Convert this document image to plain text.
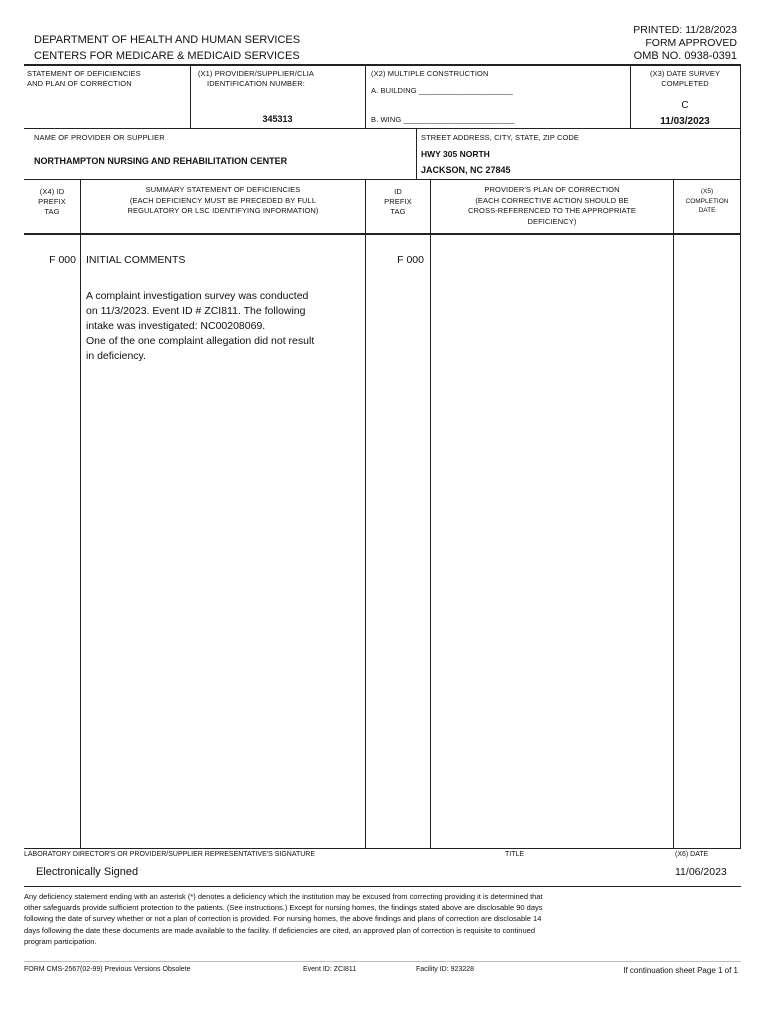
DEPARTMENT OF HEALTH AND HUMAN SERVICES
CENTERS FOR MEDICARE & MEDICAID SERVICES
PRINTED: 11/28/2023
FORM APPROVED
OMB NO. 0938-0391
STATEMENT OF DEFICIENCIES
AND PLAN OF CORRECTION
(X1) PROVIDER/SUPPLIER/CLIA
IDENTIFICATION NUMBER:
345313
(X2) MULTIPLE CONSTRUCTION
A. BUILDING ______________________
B. WING __________________________
(X3) DATE SURVEY
COMPLETED
C
11/03/2023
NAME OF PROVIDER OR SUPPLIER
NORTHAMPTON NURSING AND REHABILITATION CENTER
STREET ADDRESS, CITY, STATE, ZIP CODE
HWY 305 NORTH
JACKSON, NC 27845
(X4) ID
PREFIX
TAG
SUMMARY STATEMENT OF DEFICIENCIES
(EACH DEFICIENCY MUST BE PRECEDED BY FULL
REGULATORY OR LSC IDENTIFYING INFORMATION)
ID
PREFIX
TAG
PROVIDER'S PLAN OF CORRECTION
(EACH CORRECTIVE ACTION SHOULD BE
CROSS-REFERENCED TO THE APPROPRIATE
DEFICIENCY)
(X5)
COMPLETION
DATE
F 000 INITIAL COMMENTS	F 000
A complaint investigation survey was conducted
on 11/3/2023. Event ID # ZCI811. The following
intake was investigated: NC00208069.
One of the one complaint allegation did not result
in deficiency.
LABORATORY DIRECTOR'S OR PROVIDER/SUPPLIER REPRESENTATIVE'S SIGNATURE	TITLE	(X6) DATE
Electronically Signed	11/06/2023
Any deficiency statement ending with an asterisk (*) denotes a deficiency which the institution may be excused from correcting providing it is determined that
other safeguards provide sufficient protection to the patients. (See instructions.) Except for nursing homes, the findings stated above are disclosable 90 days
following the date of survey whether or not a plan of correction is provided. For nursing homes, the above findings and plans of correction are disclosable 14
days following the date these documents are made available to the facility. If deficiencies are cited, an approved plan of correction is requisite to continued
program participation.
FORM CMS-2567(02-99) Previous Versions Obsolete	Event ID: ZCI811	Facility ID: 923228	If continuation sheet Page 1 of 1
